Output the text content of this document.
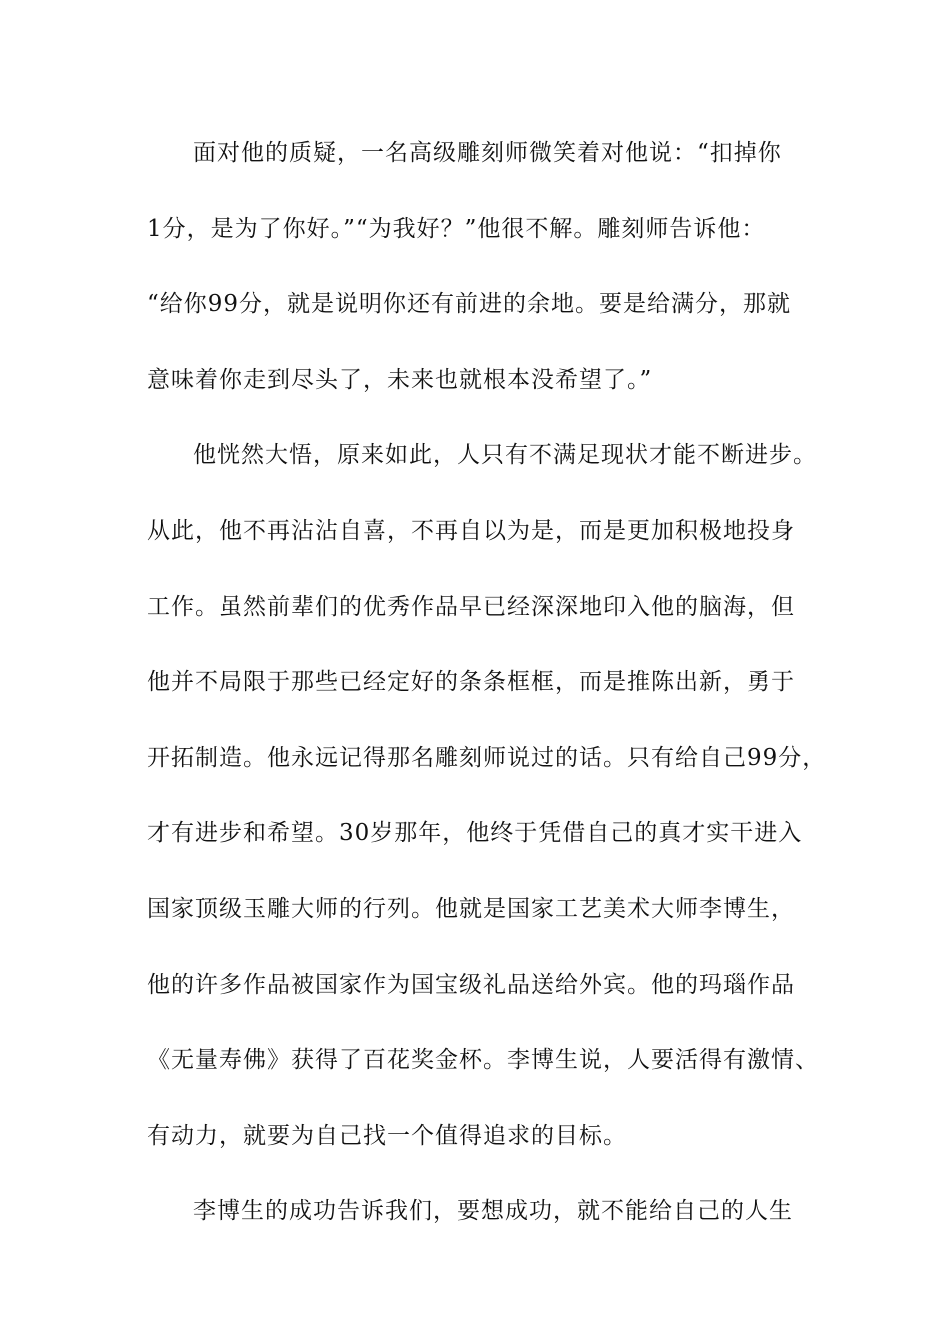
面对他的质疑，一名高级雕刻师微笑着对他说：“扣掉你
1分，是为了你好。”“为我好？”他很不解。雕刻师告诉他：
“给你99分，就是说明你还有前进的余地。要是给满分，那就
意味着你走到尽头了，未来也就根本没希望了。”
他恍然大悟，原来如此，人只有不满足现状才能不断进步。
从此，他不再沾沾自喜，不再自以为是，而是更加积极地投身
工作。虽然前辈们的优秀作品早已经深深地印入他的脑海，但
他并不局限于那些已经定好的条条框框，而是推陈出新，勇于
开拓制造。他永远记得那名雕刻师说过的话。只有给自己99分，
才有进步和希望。30岁那年，他终于凭借自己的真才实干进入
国家顶级玉雕大师的行列。他就是国家工艺美术大师李博生，
他的许多作品被国家作为国宝级礼品送给外宾。他的玛瑙作品
《无量寿佛》获得了百花奖金杯。李博生说，人要活得有激情、
有动力，就要为自己找一个值得追求的目标。
李博生的成功告诉我们，要想成功，就不能给自己的人生
